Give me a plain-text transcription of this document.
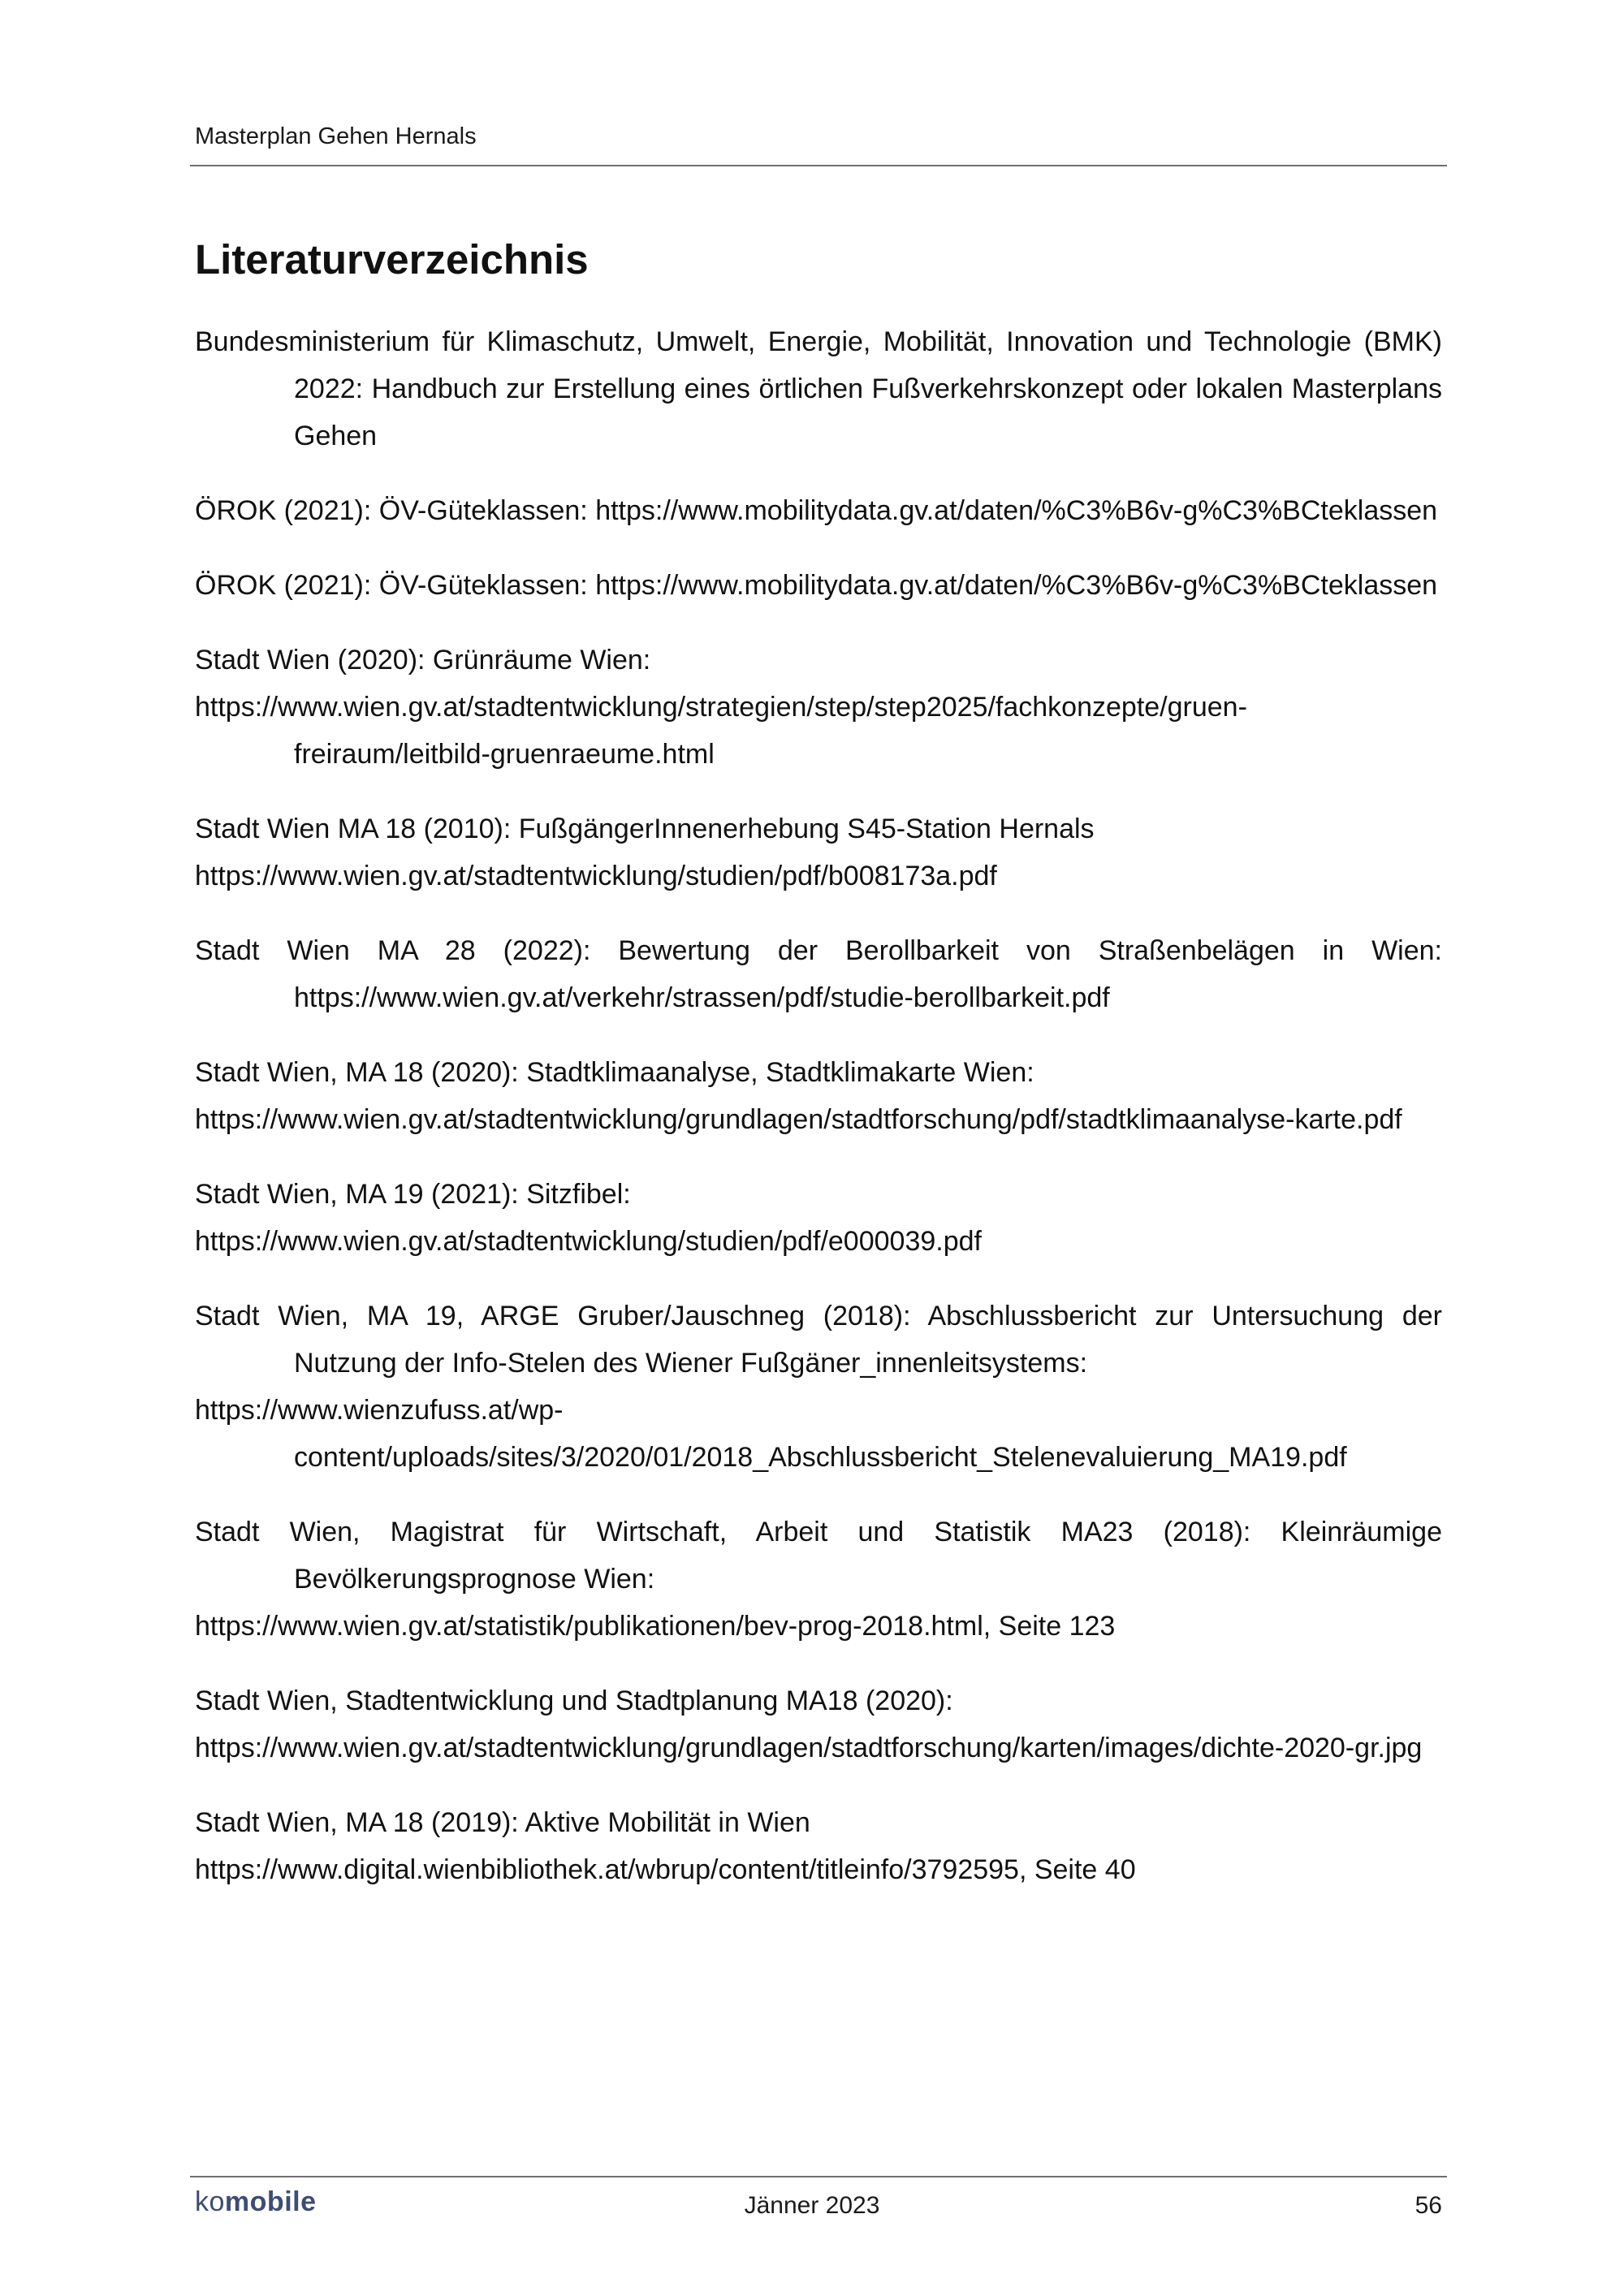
Masterplan Gehen Hernals
Literaturverzeichnis
Bundesministerium für Klimaschutz, Umwelt, Energie, Mobilität, Innovation und Technologie (BMK) 2022: Handbuch zur Erstellung eines örtlichen Fußverkehrskonzept oder lokalen Masterplans Gehen
ÖROK (2021): ÖV-Güteklassen: https://www.mobilitydata.gv.at/daten/%C3%B6v-g%C3%BCteklassen
ÖROK (2021): ÖV-Güteklassen: https://www.mobilitydata.gv.at/daten/%C3%B6v-g%C3%BCteklassen
Stadt Wien (2020): Grünräume Wien:
https://www.wien.gv.at/stadtentwicklung/strategien/step/step2025/fachkonzepte/gruen-freiraum/leitbild-gruenraeume.html
Stadt Wien MA 18 (2010): FußgängerInnenerhebung S45-Station Hernals
https://www.wien.gv.at/stadtentwicklung/studien/pdf/b008173a.pdf
Stadt Wien MA 28 (2022): Bewertung der Berollbarkeit von Straßenbelägen in Wien: https://www.wien.gv.at/verkehr/strassen/pdf/studie-berollbarkeit.pdf
Stadt Wien, MA 18 (2020): Stadtklimaanalyse, Stadtklimakarte Wien:
https://www.wien.gv.at/stadtentwicklung/grundlagen/stadtforschung/pdf/stadtklimaanalyse-karte.pdf
Stadt Wien, MA 19 (2021): Sitzfibel:
https://www.wien.gv.at/stadtentwicklung/studien/pdf/e000039.pdf
Stadt Wien, MA 19, ARGE Gruber/Jauschneg (2018): Abschlussbericht zur Untersuchung der Nutzung der Info-Stelen des Wiener Fußgäner_innenleitsystems:
https://www.wienzufuss.at/wp-content/uploads/sites/3/2020/01/2018_Abschlussbericht_Stelenevaluierung_MA19.pdf
Stadt Wien, Magistrat für Wirtschaft, Arbeit und Statistik MA23 (2018): Kleinräumige Bevölkerungsprognose Wien:
https://www.wien.gv.at/statistik/publikationen/bev-prog-2018.html, Seite 123
Stadt Wien, Stadtentwicklung und Stadtplanung MA18 (2020):
https://www.wien.gv.at/stadtentwicklung/grundlagen/stadtforschung/karten/images/dichte-2020-gr.jpg
Stadt Wien, MA 18 (2019): Aktive Mobilität in Wien
https://www.digital.wienbibliothek.at/wbrup/content/titleinfo/3792595, Seite 40
komobile	Jänner 2023	56
